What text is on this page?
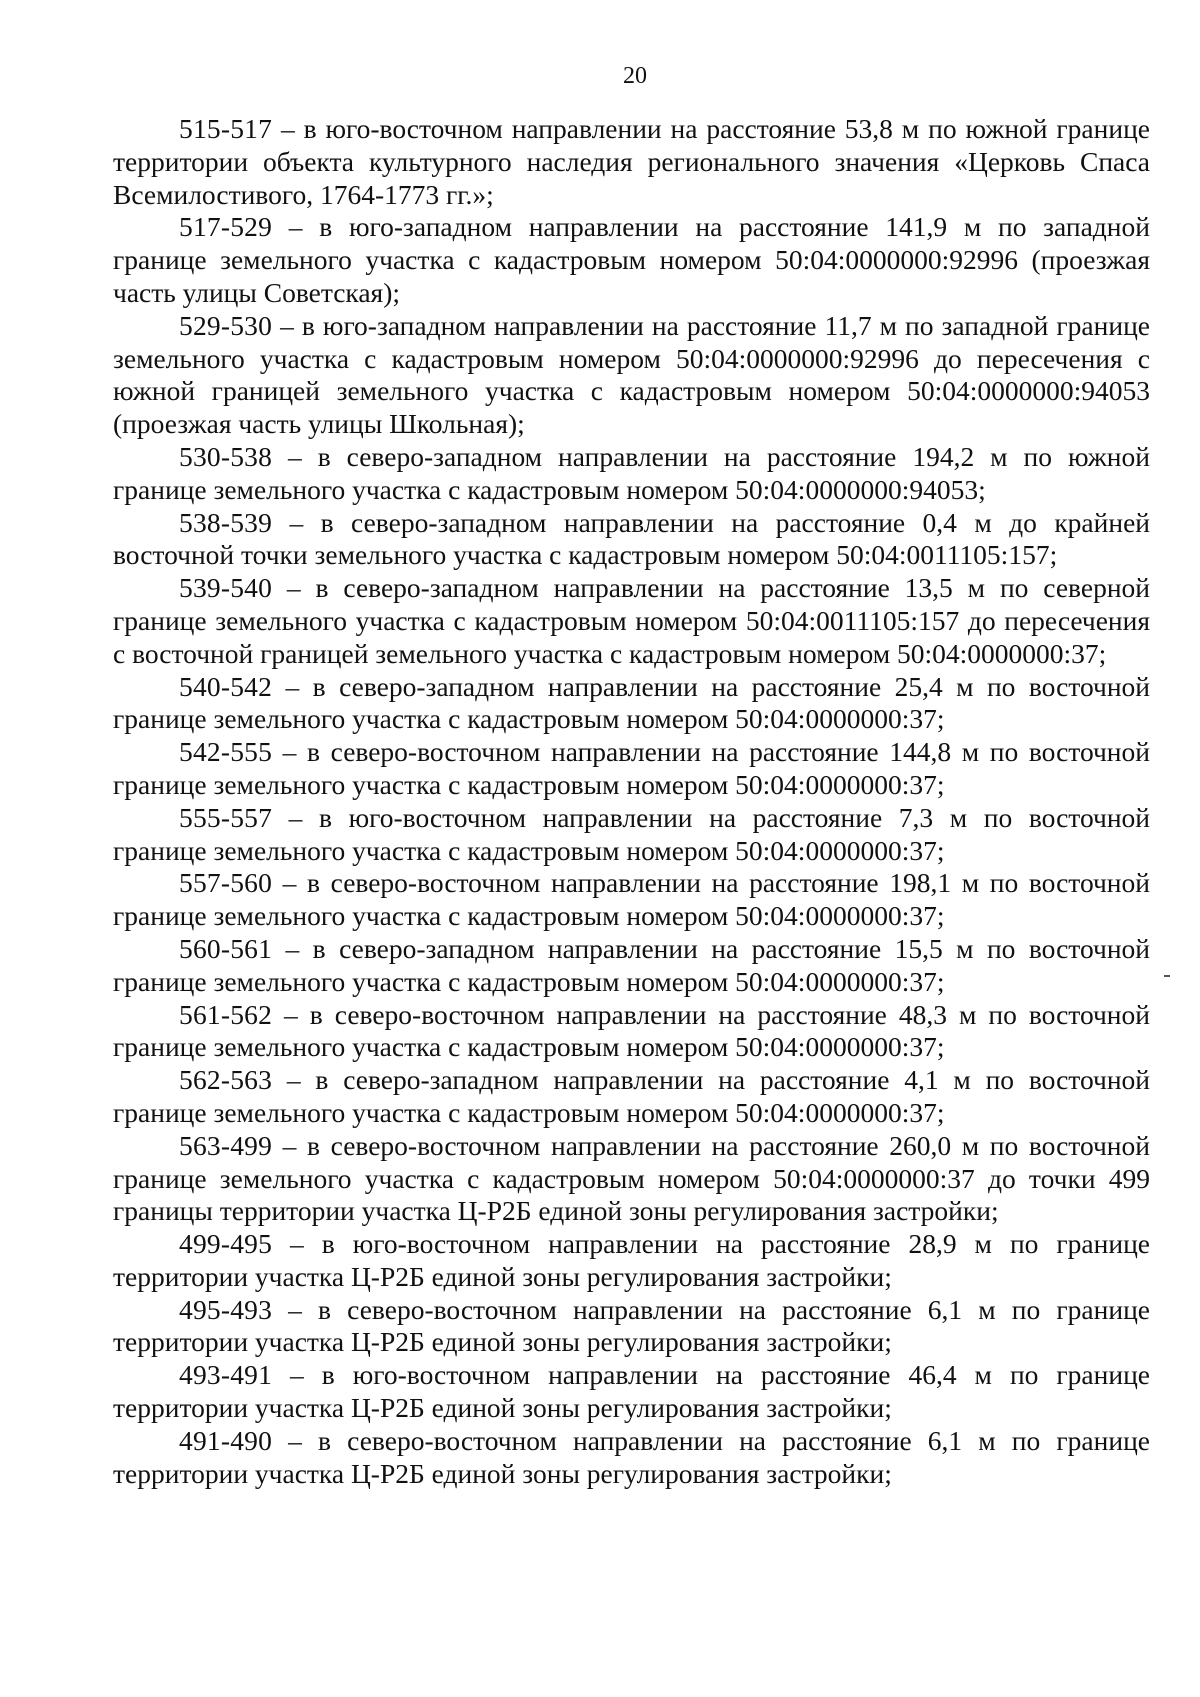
20

515-517 – в юго-восточном направлении на расстояние 53,8 м по южной границе территории объекта культурного наследия регионального значения «Церковь Спаса Всемилостивого, 1764-1773 гг.»;

517-529 – в юго-западном направлении на расстояние 141,9 м по западной границе земельного участка с кадастровым номером 50:04:0000000:92996 (проезжая часть улицы Советская);

529-530 – в юго-западном направлении на расстояние 11,7 м по западной границе земельного участка с кадастровым номером 50:04:0000000:92996 до пересечения с южной границей земельного участка с кадастровым номером 50:04:0000000:94053 (проезжая часть улицы Школьная);

530-538 – в северо-западном направлении на расстояние 194,2 м по южной границе земельного участка с кадастровым номером 50:04:0000000:94053;

538-539 – в северо-западном направлении на расстояние 0,4 м до крайней восточной точки земельного участка с кадастровым номером 50:04:0011105:157;

539-540 – в северо-западном направлении на расстояние 13,5 м по северной границе земельного участка с кадастровым номером 50:04:0011105:157 до пересечения с восточной границей земельного участка с кадастровым номером 50:04:0000000:37;

540-542 – в северо-западном направлении на расстояние 25,4 м по восточной границе земельного участка с кадастровым номером 50:04:0000000:37;

542-555 – в северо-восточном направлении на расстояние 144,8 м по восточной границе земельного участка с кадастровым номером 50:04:0000000:37;

555-557 – в юго-восточном направлении на расстояние 7,3 м по восточной границе земельного участка с кадастровым номером 50:04:0000000:37;

557-560 – в северо-восточном направлении на расстояние 198,1 м по восточной границе земельного участка с кадастровым номером 50:04:0000000:37;

560-561 – в северо-западном направлении на расстояние 15,5 м по восточной границе земельного участка с кадастровым номером 50:04:0000000:37;

561-562 – в северо-восточном направлении на расстояние 48,3 м по восточной границе земельного участка с кадастровым номером 50:04:0000000:37;

562-563 – в северо-западном направлении на расстояние 4,1 м по восточной границе земельного участка с кадастровым номером 50:04:0000000:37;

563-499 – в северо-восточном направлении на расстояние 260,0 м по восточной границе земельного участка с кадастровым номером 50:04:0000000:37 до точки 499 границы территории участка Ц-Р2Б единой зоны регулирования застройки;

499-495 – в юго-восточном направлении на расстояние 28,9 м по границе территории участка Ц-Р2Б единой зоны регулирования застройки;

495-493 – в северо-восточном направлении на расстояние 6,1 м по границе территории участка Ц-Р2Б единой зоны регулирования застройки;

493-491 – в юго-восточном направлении на расстояние 46,4 м по границе территории участка Ц-Р2Б единой зоны регулирования застройки;

491-490 – в северо-восточном направлении на расстояние 6,1 м по границе территории участка Ц-Р2Б единой зоны регулирования застройки;
